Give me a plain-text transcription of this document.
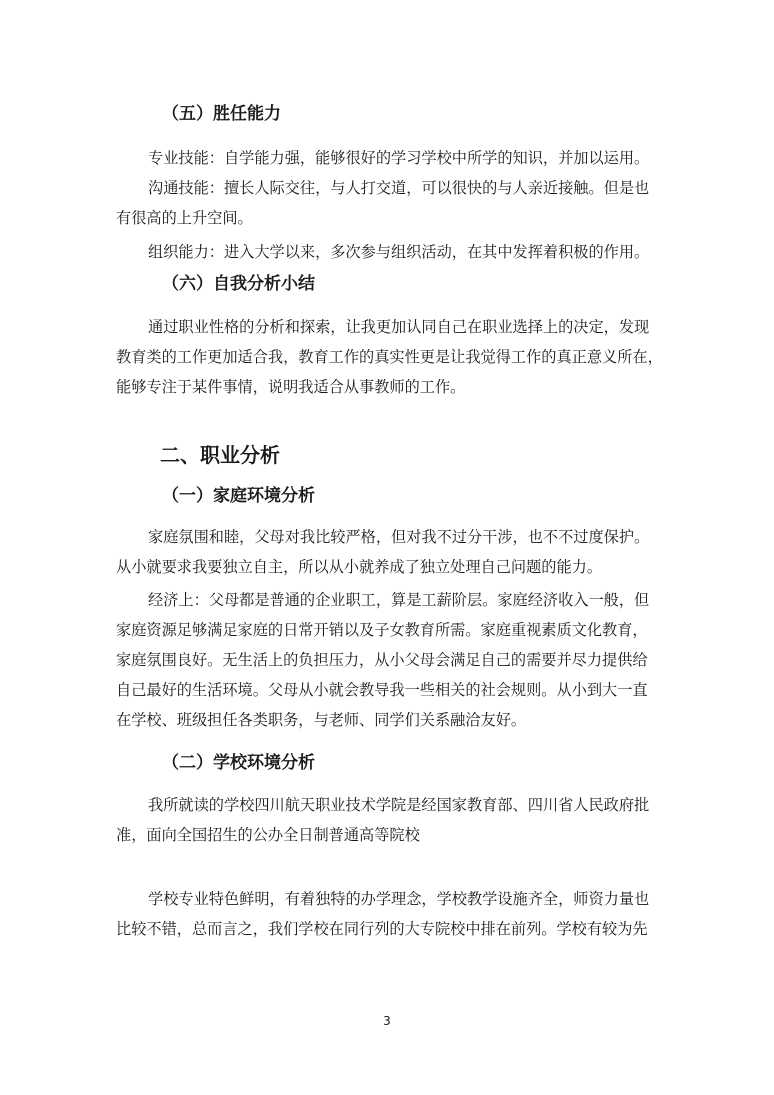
（五）胜任能力

专业技能：自学能力强，能够很好的学习学校中所学的知识，并加以运用。

沟通技能：擅长人际交往，与人打交道，可以很快的与人亲近接触。但是也
有很高的上升空间。

组织能力：进入大学以来，多次参与组织活动，在其中发挥着积极的作用。

（六）自我分析小结

通过职业性格的分析和探索，让我更加认同自己在职业选择上的决定，发现
教育类的工作更加适合我，教育工作的真实性更是让我觉得工作的真正意义所在，
能够专注于某件事情，说明我适合从事教师的工作。

二、职业分析
（一）家庭环境分析

家庭氛围和睦，父母对我比较严格，但对我不过分干涉，也不不过度保护。
从小就要求我要独立自主，所以从小就养成了独立处理自己问题的能力。

经济上：父母都是普通的企业职工，算是工薪阶层。家庭经济收入一般，但
家庭资源足够满足家庭的日常开销以及子女教育所需。家庭重视素质文化教育，
家庭氛围良好。无生活上的负担压力，从小父母会满足自己的需要并尽力提供给
自己最好的生活环境。父母从小就会教导我一些相关的社会规则。从小到大一直
在学校、班级担任各类职务，与老师、同学们关系融洽友好。

（二）学校环境分析

我所就读的学校四川航天职业技术学院是经国家教育部、四川省人民政府批
准，面向全国招生的公办全日制普通高等院校

学校专业特色鲜明，有着独特的办学理念，学校教学设施齐全，师资力量也
比较不错，总而言之，我们学校在同行列的大专院校中排在前列。学校有较为先

3
